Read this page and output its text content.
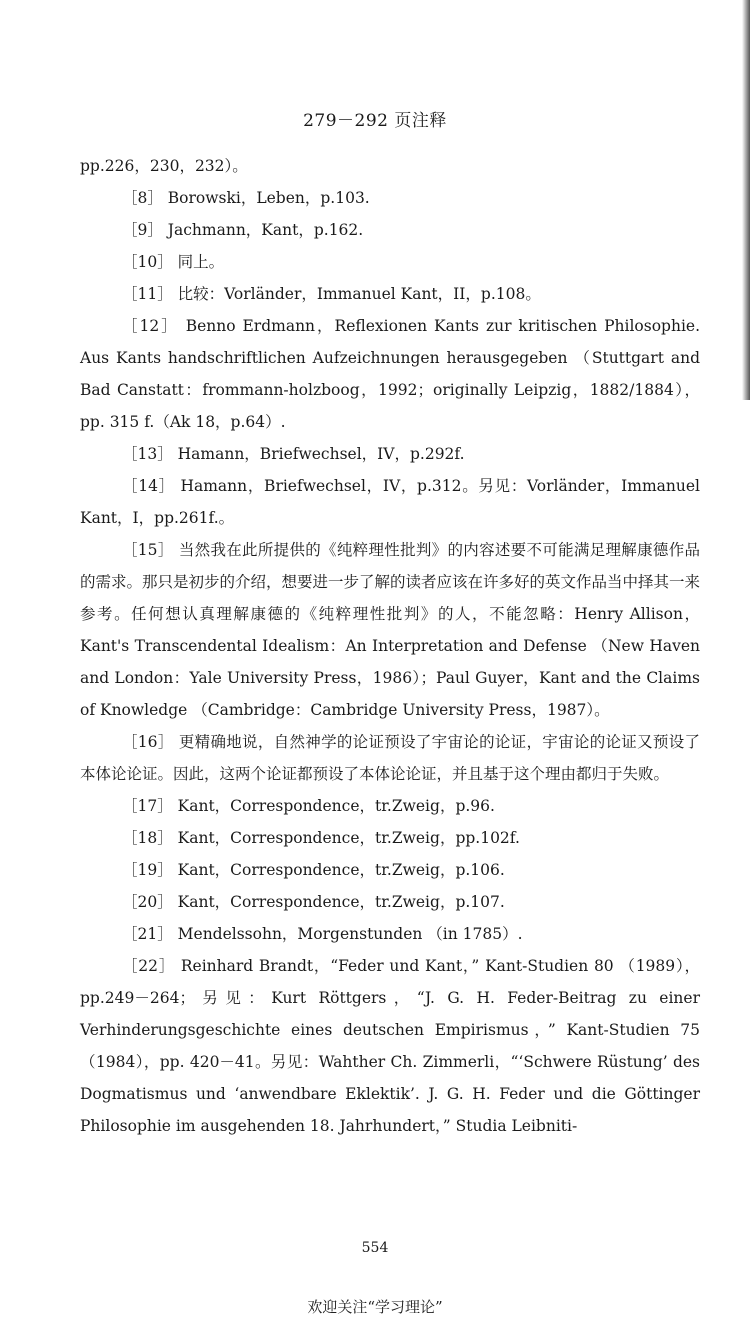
279－292 页注释

pp.226，230，232）。

［8］ Borowski，Leben，p.103.

［9］ Jachmann，Kant，p.162.

［10］ 同上。

［11］ 比较：Vorländer，Immanuel Kant，II，p.108。

［12］ Benno Erdmann，Reflexionen Kants zur kritischen Philosophie. Aus Kants handschriftlichen Aufzeichnungen herausgegeben （Stuttgart and Bad Canstatt：frommann-holzboog，1992；originally Leipzig，1882/1884），pp. 315 f.（Ak 18，p.64）.

［13］ Hamann，Briefwechsel，IV，p.292f.

［14］ Hamann，Briefwechsel，IV，p.312。另见：Vorländer，Immanuel Kant，I，pp.261f.。

［15］ 当然我在此所提供的《纯粹理性批判》的内容述要不可能满足理解康德作品的需求。那只是初步的介绍，想要进一步了解的读者应该在许多好的英文作品当中择其一来参考。任何想认真理解康德的《纯粹理性批判》的人，不能忽略：Henry Allison，Kant's Transcendental Idealism：An Interpretation and Defense （New Haven and London：Yale University Press，1986）；Paul Guyer，Kant and the Claims of Knowledge （Cambridge：Cambridge University Press，1987）。

［16］ 更精确地说，自然神学的论证预设了宇宙论的论证，宇宙论的论证又预设了本体论论证。因此，这两个论证都预设了本体论论证，并且基于这个理由都归于失败。

［17］ Kant，Correspondence，tr.Zweig，p.96.

［18］ Kant，Correspondence，tr.Zweig，pp.102f.

［19］ Kant，Correspondence，tr.Zweig，p.106.

［20］ Kant，Correspondence，tr.Zweig，p.107.

［21］ Mendelssohn，Morgenstunden （in 1785）.

［22］ Reinhard Brandt，“Feder und Kant，” Kant-Studien 80 （1989），pp.249－264；另见：Kurt Röttgers，“J. G. H. Feder-Beitrag zu einer Verhinderungsgeschichte eines deutschen Empirismus，” Kant-Studien 75 （1984），pp. 420－41。另见：Wahther Ch. Zimmerli，“‘Schwere Rüstung’ des Dogmatismus und ‘anwendbare Eklektik’. J. G. H. Feder und die Göttinger Philosophie im ausgehenden 18. Jahrhundert，” Studia Leibniti-

554
欢迎关注“学习理论”
